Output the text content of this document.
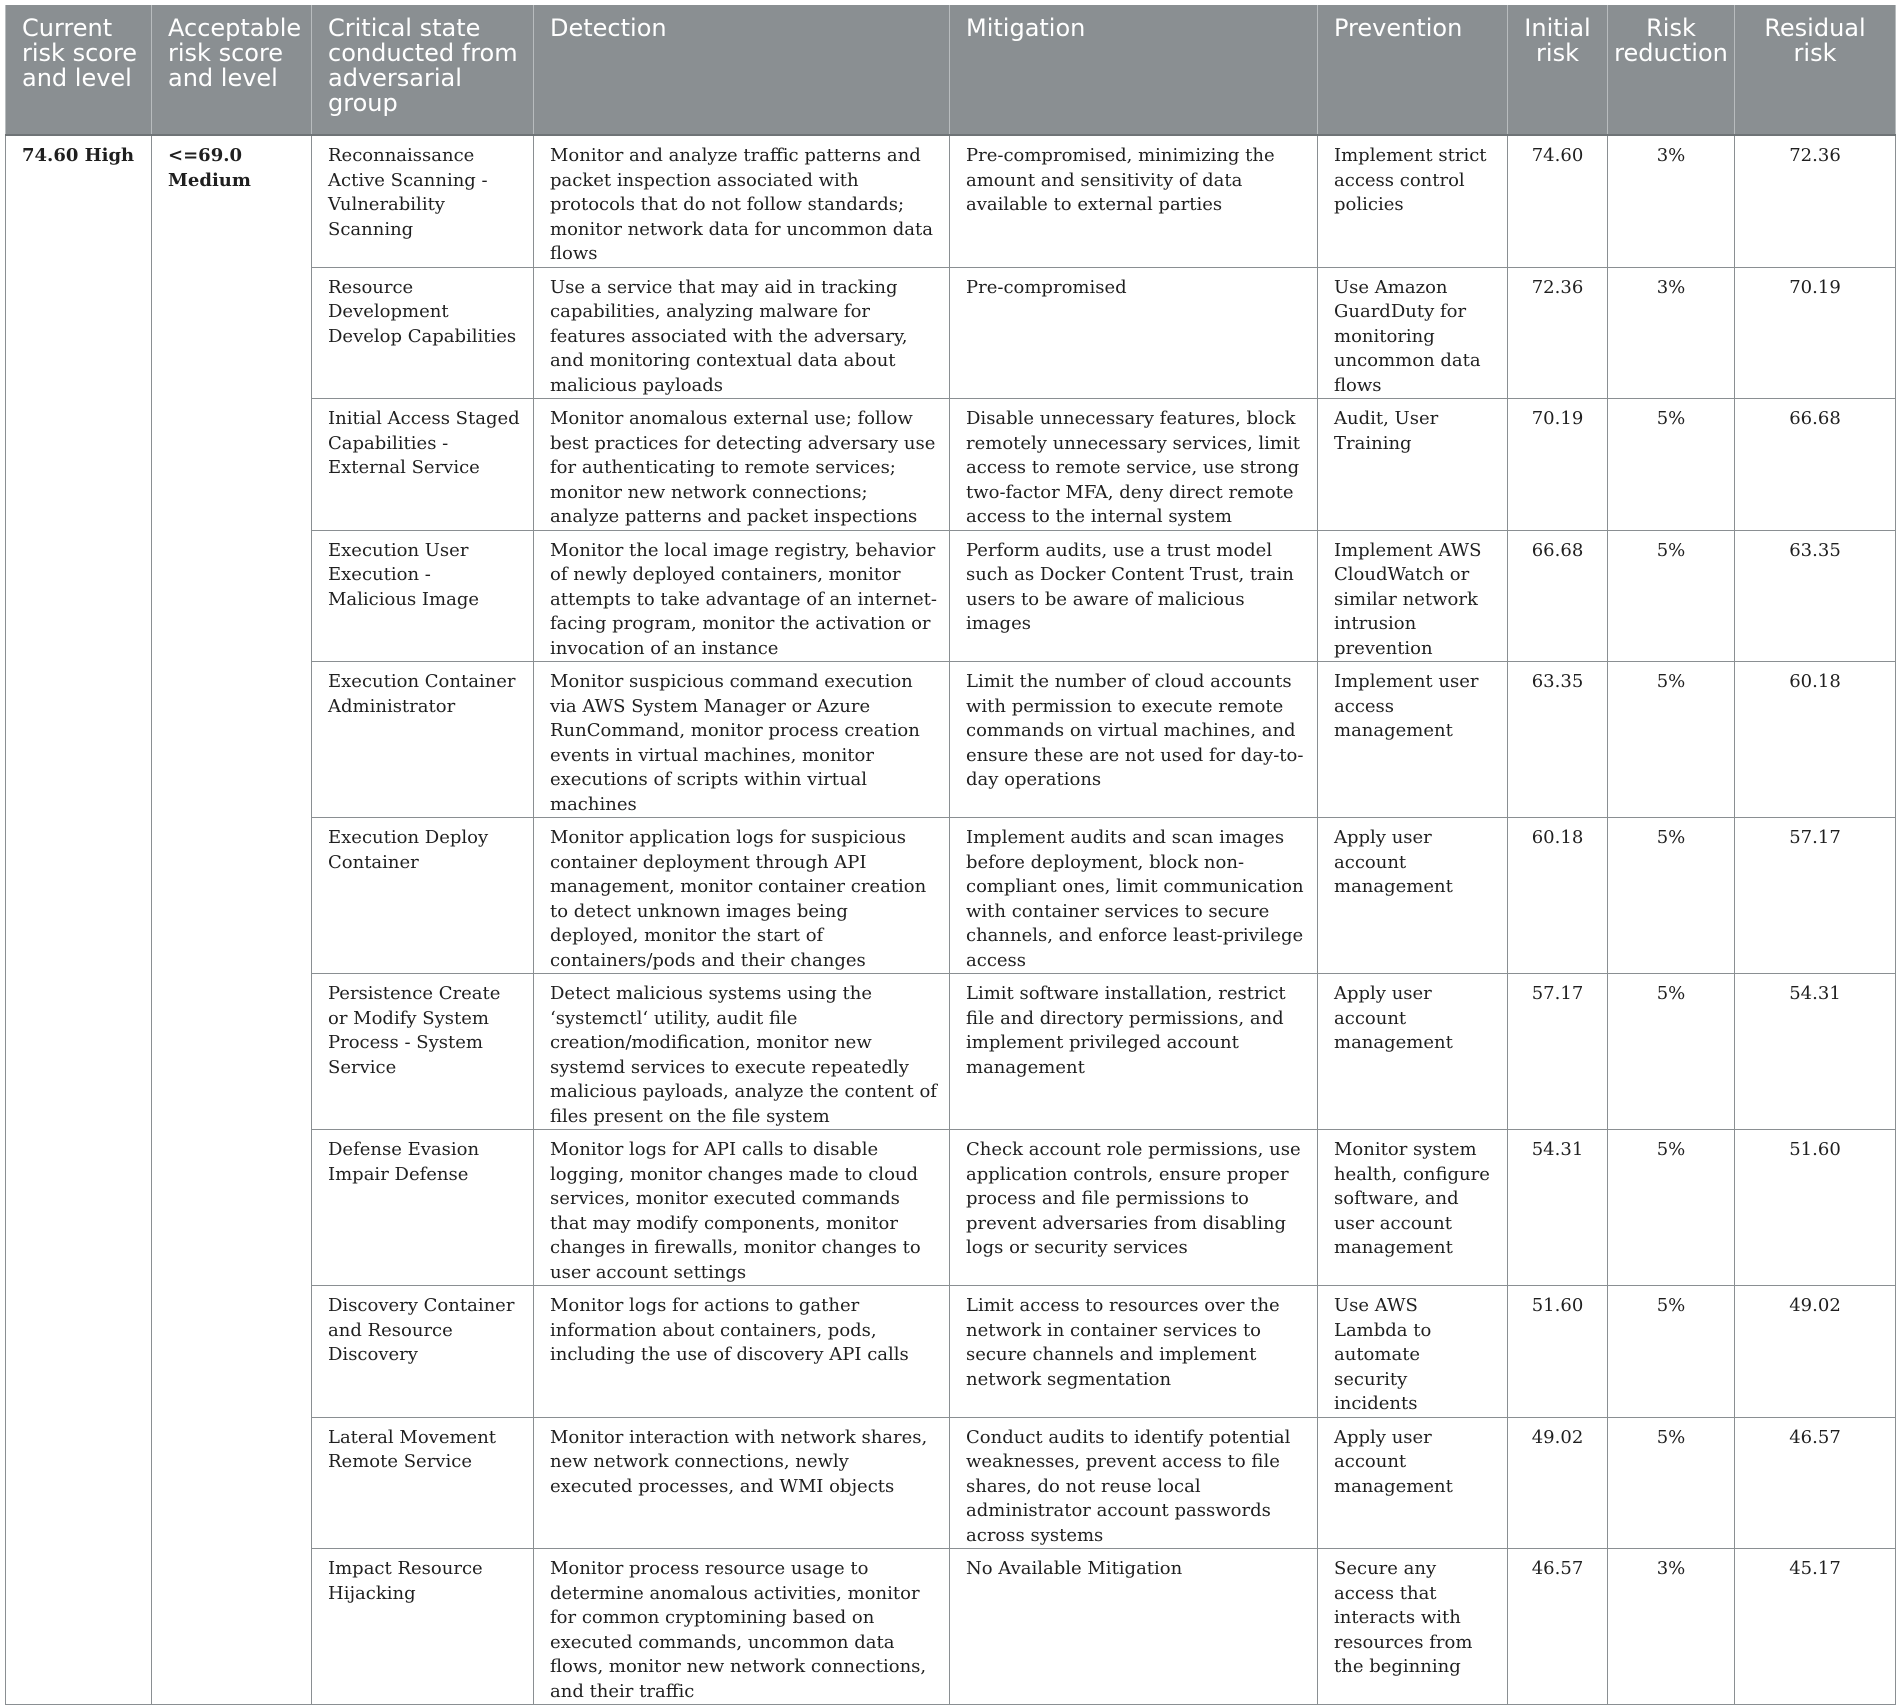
Current risk score and level	Acceptable risk score and level	Critical state conducted from adversarial group	Detection	Mitigation	Prevention	Initial risk	Risk reduction	Residual risk
74.60 High	<=69.0 Medium	Reconnaissance Active Scanning - Vulnerability Scanning	Monitor and analyze traffic patterns and packet inspection associated with protocols that do not follow standards; monitor network data for uncommon data flows	Pre-compromised, minimizing the amount and sensitivity of data available to external parties	Implement strict access control policies	74.60	3%	72.36
		Resource Development Develop Capabilities	Use a service that may aid in tracking capabilities, analyzing malware for features associated with the adversary, and monitoring contextual data about malicious payloads	Pre-compromised	Use Amazon GuardDuty for monitoring uncommon data flows	72.36	3%	70.19
		Initial Access Staged Capabilities - External Service	Monitor anomalous external use; follow best practices for detecting adversary use for authenticating to remote services; monitor new network connections; analyze patterns and packet inspections	Disable unnecessary features, block remotely unnecessary services, limit access to remote service, use strong two-factor MFA, deny direct remote access to the internal system	Audit, User Training	70.19	5%	66.68
		Execution User Execution - Malicious Image	Monitor the local image registry, behavior of newly deployed containers, monitor attempts to take advantage of an internet-facing program, monitor the activation or invocation of an instance	Perform audits, use a trust model such as Docker Content Trust, train users to be aware of malicious images	Implement AWS CloudWatch or similar network intrusion prevention	66.68	5%	63.35
		Execution Container Administrator	Monitor suspicious command execution via AWS System Manager or Azure RunCommand, monitor process creation events in virtual machines, monitor executions of scripts within virtual machines	Limit the number of cloud accounts with permission to execute remote commands on virtual machines, and ensure these are not used for day-to-day operations	Implement user access management	63.35	5%	60.18
		Execution Deploy Container	Monitor application logs for suspicious container deployment through API management, monitor container creation to detect unknown images being deployed, monitor the start of containers/pods and their changes	Implement audits and scan images before deployment, block non-compliant ones, limit communication with container services to secure channels, and enforce least-privilege access	Apply user account management	60.18	5%	57.17
		Persistence Create or Modify System Process - System Service	Detect malicious systems using the ‘systemctl‘ utility, audit file creation/modification, monitor new systemd services to execute repeatedly malicious payloads, analyze the content of files present on the file system	Limit software installation, restrict file and directory permissions, and implement privileged account management	Apply user account management	57.17	5%	54.31
		Defense Evasion Impair Defense	Monitor logs for API calls to disable logging, monitor changes made to cloud services, monitor executed commands that may modify components, monitor changes in firewalls, monitor changes to user account settings	Check account role permissions, use application controls, ensure proper process and file permissions to prevent adversaries from disabling logs or security services	Monitor system health, configure software, and user account management	54.31	5%	51.60
		Discovery Container and Resource Discovery	Monitor logs for actions to gather information about containers, pods, including the use of discovery API calls	Limit access to resources over the network in container services to secure channels and implement network segmentation	Use AWS Lambda to automate security incidents	51.60	5%	49.02
		Lateral Movement Remote Service	Monitor interaction with network shares, new network connections, newly executed processes, and WMI objects	Conduct audits to identify potential weaknesses, prevent access to file shares, do not reuse local administrator account passwords across systems	Apply user account management	49.02	5%	46.57
		Impact Resource Hijacking	Monitor process resource usage to determine anomalous activities, monitor for common cryptomining based on executed commands, uncommon data flows, monitor new network connections, and their traffic	No Available Mitigation	Secure any access that interacts with resources from the beginning	46.57	3%	45.17
